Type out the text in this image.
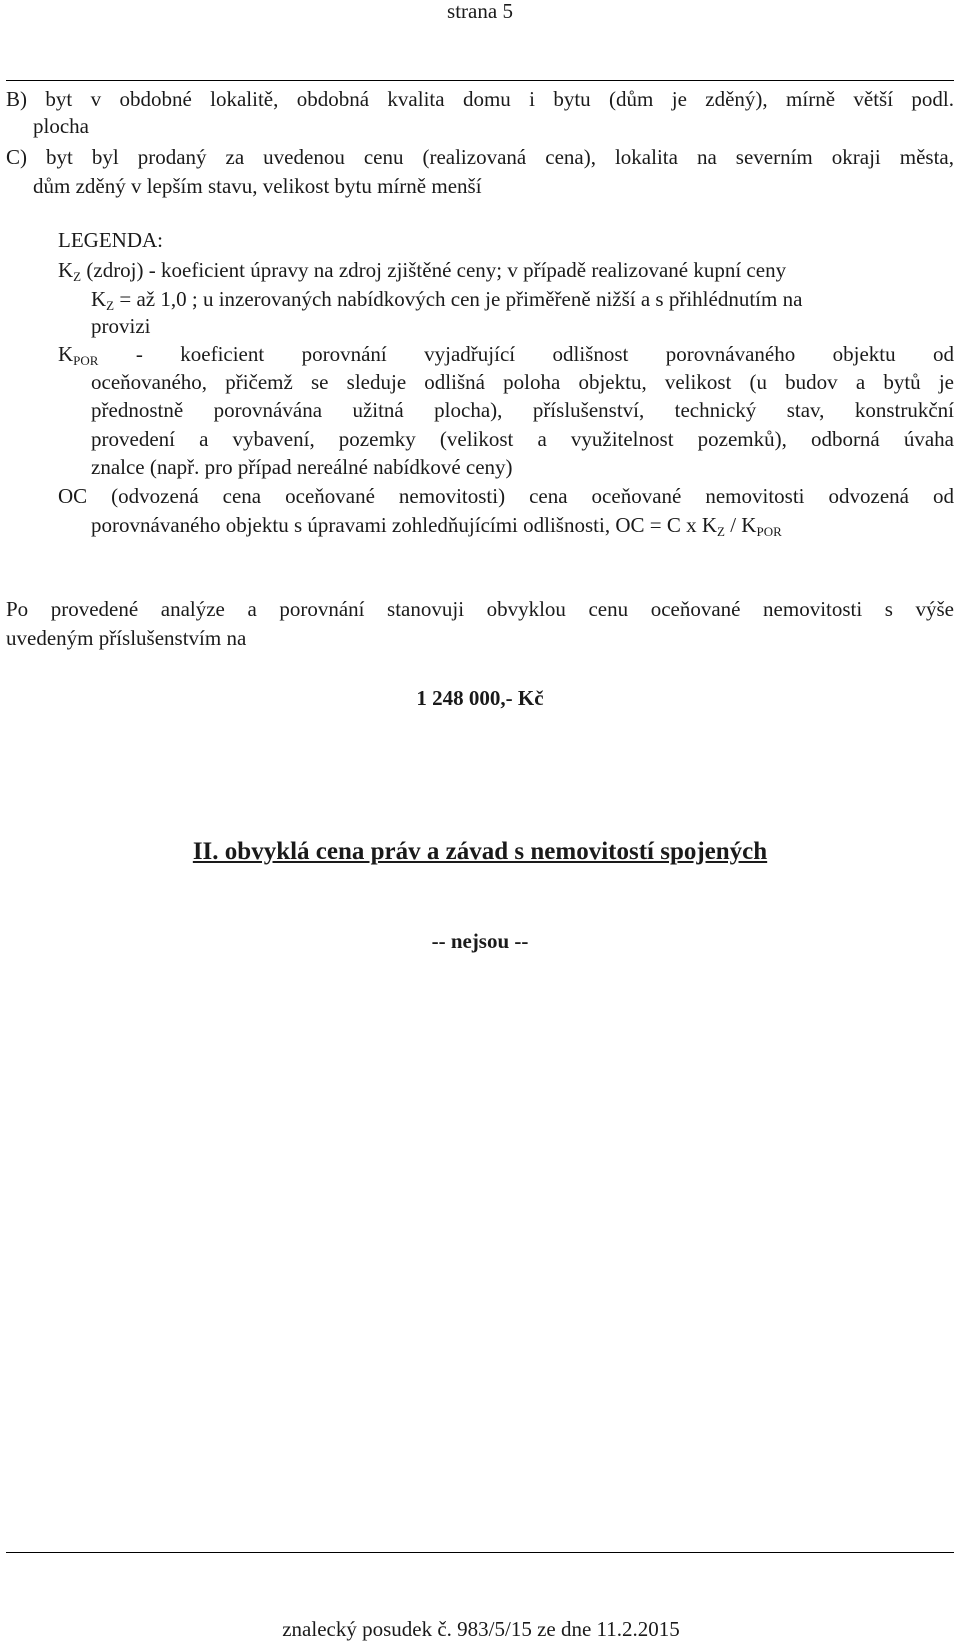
strana 5
B) byt v obdobné lokalitě, obdobná kvalita domu i bytu (dům je zděný), mírně větší podl.
plocha
C) byt byl prodaný za uvedenou cenu (realizovaná cena), lokalita na severním okraji města,
dům zděný v lepším stavu, velikost bytu mírně menší
LEGENDA:
$K_Z$ (zdroj) - koeficient úpravy na zdroj zjištěné ceny; v případě realizované kupní ceny
$K_Z$ = až 1,0 ; u inzerovaných nabídkových cen je přiměřeně nižší a s přihlédnutím na
provizi
$K_{POR}$ - koeficient porovnání vyjadřující odlišnost porovnávaného objektu od
oceňovaného, přičemž se sleduje odlišná poloha objektu, velikost (u budov a bytů je
přednostně porovnávána užitná plocha), příslušenství, technický stav, konstrukční
provedení a vybavení, pozemky (velikost a využitelnost pozemků), odborná úvaha
znalce (např. pro případ nereálné nabídkové ceny)
OC (odvozená cena oceňované nemovitosti) cena oceňované nemovitosti odvozená od
porovnávaného objektu s úpravami zohledňujícími odlišnosti, OC = C x $K_Z / K_{POR}$
Po provedené analýze a porovnání stanovuji obvyklou cenu oceňované nemovitosti s výše
uvedeným příslušenstvím na
1 248 000,- Kč
II. obvyklá cena práv a závad s nemovitostí spojených
-- nejsou --
znalecký posudek č. 983/5/15 ze dne 11.2.2015
